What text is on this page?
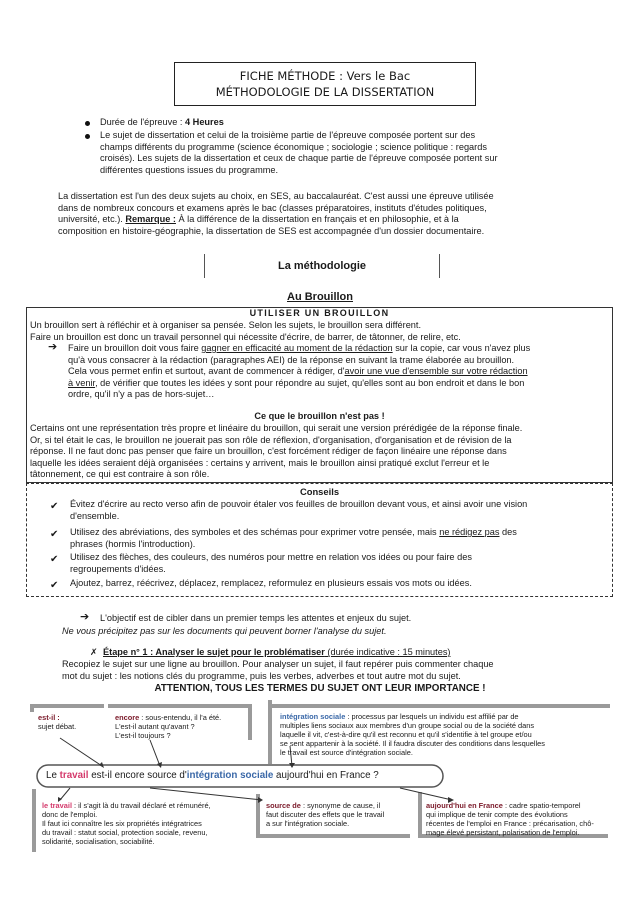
FICHE MÉTHODE : Vers le Bac
MÉTHODOLOGIE DE LA DISSERTATION
Durée de l'épreuve : 4 Heures
Le sujet de dissertation et celui de la troisième partie de l'épreuve composée portent sur des
champs différents du programme (science économique ; sociologie ; science politique : regards
croisés). Les sujets de la dissertation et ceux de chaque partie de l'épreuve composée portent sur
différentes questions issues du programme.
La dissertation est l'un des deux sujets au choix, en SES, au baccalauréat. C'est aussi une épreuve utilisée
dans de nombreux concours et examens après le bac (classes préparatoires, instituts d'études politiques,
université, etc.). Remarque : À la différence de la dissertation en français et en philosophie, et à la
composition en histoire-géographie, la dissertation de SES est accompagnée d'un dossier documentaire.
La méthodologie
Au Brouillon
UTILISER UN BROUILLON
Un brouillon sert à réfléchir et à organiser sa pensée. Selon les sujets, le brouillon sera différent.
Faire un brouillon est donc un travail personnel qui nécessite d'écrire, de barrer, de tâtonner, de relire, etc.
➔ Faire un brouillon doit vous faire gagner en efficacité au moment de la rédaction sur la copie, car vous n'avez plus
qu'à vous consacrer à la rédaction (paragraphes AEI) de la réponse en suivant la trame élaborée au brouillon.
Cela vous permet enfin et surtout, avant de commencer à rédiger, d'avoir une vue d'ensemble sur votre rédaction
à venir, de vérifier que toutes les idées y sont pour répondre au sujet, qu'elles sont au bon endroit et dans le bon
ordre, qu'il n'y a pas de hors-sujet…
Ce que le brouillon n'est pas !
Certains ont une représentation très propre et linéaire du brouillon, qui serait une version prérédigée de la réponse finale.
Or, si tel était le cas, le brouillon ne jouerait pas son rôle de réflexion, d'organisation, d'organisation et de révision de la
réponse. Il ne faut donc pas penser que faire un brouillon, c'est forcément rédiger de façon linéaire une réponse dans
laquelle les idées seraient déjà organisées : certains y arrivent, mais le brouillon ainsi pratiqué exclut l'erreur et le
tâtonnement, ce qui est contraire à son rôle.
Conseils
✔ Évitez d'écrire au recto verso afin de pouvoir étaler vos feuilles de brouillon devant vous, et ainsi avoir une vision
d'ensemble.
✔ Utilisez des abréviations, des symboles et des schémas pour exprimer votre pensée, mais ne rédigez pas des
phrases (hormis l'introduction).
✔ Utilisez des flèches, des couleurs, des numéros pour mettre en relation vos idées ou pour faire des
regroupements d'idées.
✔ Ajoutez, barrez, réécrivez, déplacez, remplacez, reformulez en plusieurs essais vos mots ou idées.
➔ L'objectif est de cibler dans un premier temps les attentes et enjeux du sujet.
Ne vous précipitez pas sur les documents qui peuvent borner l'analyse du sujet.
✗ Étape n° 1 : Analyser le sujet pour le problématiser (durée indicative : 15 minutes)
Recopiez le sujet sur une ligne au brouillon. Pour analyser un sujet, il faut repérer puis commenter chaque
mot du sujet : les notions clés du programme, puis les verbes, adverbes et tout autre mot du sujet.
ATTENTION, TOUS LES TERMES DU SUJET ONT LEUR IMPORTANCE !
est-il :
sujet débat.
encore : sous-entendu, il l'a été.
L'est-il autant qu'avant ?
L'est-il toujours ?
intégration sociale : processus par lesquels un individu est affilié par de
multiples liens sociaux aux membres d'un groupe social ou de la société dans
laquelle il vit, c'est-à-dire qu'il est reconnu et qu'il s'identifie à tel groupe et/ou
se sent appartenir à la société. Il il faudra discuter des conditions dans lesquelles
le travail est source d'intégration sociale.
Le travail est-il encore source d'intégration sociale aujourd'hui en France ?
le travail : il s'agit là du travail déclaré et rémunéré,
donc de l'emploi.
Il faut ici connaître les six propriétés intégratrices
du travail : statut social, protection sociale, revenu,
solidarité, socialisation, sociabilité.
source de : synonyme de cause, il
faut discuter des effets que le travail
a sur l'intégration sociale.
aujourd'hui en France : cadre spatio-temporel
qui implique de tenir compte des évolutions
récentes de l'emploi en France : précarisation, chô-
mage élevé persistant, polarisation de l'emploi.
